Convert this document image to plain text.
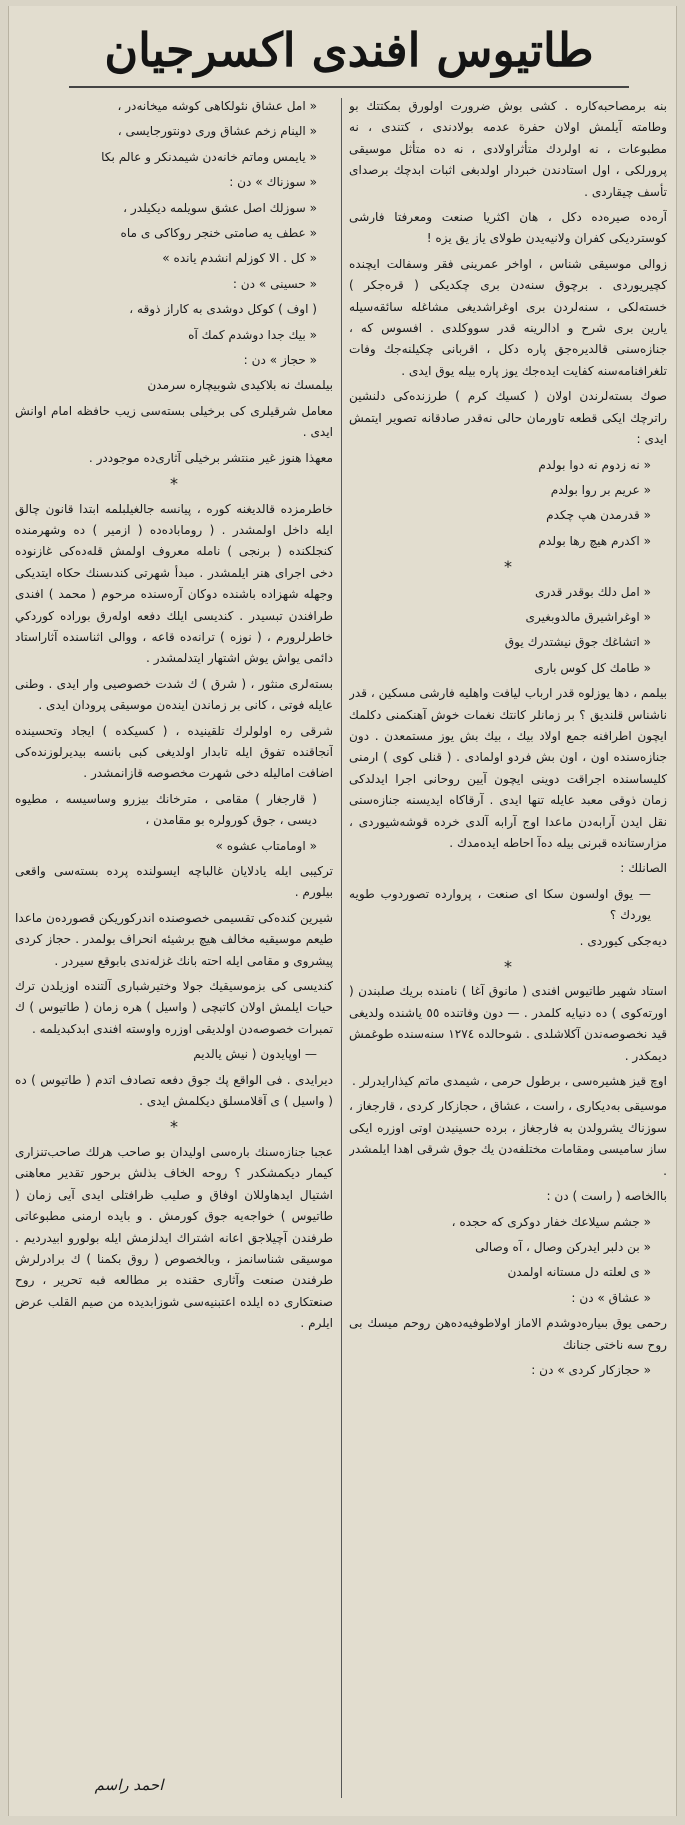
طاتيوس افندى اكسرجيان

بنه برمصاحبه‌كاره . كشى بوش ضرورت اولورق بمكتتك بو وطامته آيلمش اولان حفرة عدمه بولادندى ، كتندى ، نه مطبوعات ، نه اولردك متأثراولادى ، نه ده متأثل موسيقى پرورلكى ، اول استادندن خبردار اولدبغى اثبات ابدچك برصداى تأسف چيقاردى .

آرەده صيره‌ده دكل ، هان اكثريا صنعت ومعرفتا فارشى كوسترديكى كفران ولانيه‌يدن طولاى ياز يق يزه !

زوالى موسيقى شناس ، اواخر عمرينى فقر وسفالت ايچنده كچيريوردى . برچوق سنه‌دن برى چكديكى ( قرەجكر ) خسته‌لكى ، سنه‌لردن برى اوغراشديغى مشاغله سائقه‌سيله يارين برى شرح و ادالرينه قدر سووكلدى . افسوس كه ، جنازه‌سنى قالديره‌جق پاره دكل ، اقربانى چكيلنه‌جك وفات تلغرافنامه‌سنه كفايت ايدەجك يوز پاره بيله يوق ايدى .

صوك بسته‌لرندن اولان ( كسيك كرم ) طرزنده‌كى دلنشين راترچك ايكى قطعه تاورمان حالى نەقدر صادقانه تصوير ايتمش ايدى :

« نه زدوم نه دوا بولدم

« عريم بر روا بولدم

« قدرمدن هپ چكدم

« اكدرم هيچ رها بولدم

*

« امل دلك بوقدر قدرى

« اوغراشيرق مالدوبغيرى

« اتشاغك جوق نيشتدرك يوق

« طامك كل كوس بارى

بيلمم ، دها يوزلوه قدر ارباب ليافت واهليه فارشى مسكين ، قدر ناشناس قلنديق ؟ بر زمانلر كانتك نغمات خوش آهنكمنى دكلمك ايچون اطرافنه جمع اولاد بيك ، بيك بش يوز مستمعدن . دون جنازه‌سنده اون ، اون بش فردو اولمادى . ( قنلى كوى ) ارمنى كليساسنده اجراقت دوينى ايچون آيين روحانى اجرا ايدلدكى زمان ذوقى معبد عايله تنها ايدى . آرقاكاه ايديسنه جنازەسنى نقل ايدن آرابه‌دن ماعدا اوج آرابه آلدى خرده قوشەشيوردى ، مزارستانده قبرنى بيله ده‌آ احاطه ايده‌مدك .

الصانلك :

— يوق اولسون سكا اى صنعت ، پروارده تصوردوب طويه يوردك ؟

ديه‌جكى كيوردى .

*

استاد شهير طاتيوس افندى ( مانوق آغا ) نامنده بريك صلبندن ( اورتەكوى ) ده دنيايه كلمدر . — دون وفاتنده ٥٥ ياشنده ولديغى قيد نخصوصەندن آكلاشلدى . شوحالده ١٢٧٤ سنه‌سنده طوغمش ديمكدر .

اوچ قيز هشيرەسى ، برطول حرمى ، شيمدى ماتم كيذارايدرلر .

موسيقى به‌ديكارى ، راست ، عشاق ، حجازكار كردى ، قارجغاز ، سوزناك يشرولدن به فارجغاز ، برده حسينيدن اوتى اوزره ايكى ساز ساميسى ومقامات مختلفه‌دن يك جوق شرقى اهدا ايلمشدر .

باالخاصه ( راست ) دن :

« جشم سيلاعك خفار دوكرى كه حجده ،

« بن دلبر ايدركن وصال ، آه وصالى

« ى لعلته دل مستانه اولمدن

« عشاق » دن :

رحمى يوق بىيارەدوشدم الاماز اولاطوفيه‌ده‌هن روحم ميسك بى روح سه ناختى جنانك

« حجازكار كردى » دن :

« امل عشاق نئولكاهى كوشه ميخانه‌در ،

« الينام زخم عشاق ورى دونتورجايسى ،

« يايمس وماتم خانه‌دن شيمدنكر و عالم بكا

« سوزناك » دن :

« سوزلك اصل عشق سويلمه ديكيلدر ،

« عطف يه صامتى خنجر روكاكى ى ماه

« كل . الا كوزلم انشدم يانده »

« حسينى » دن :

( اوف ) كوكل دوشدى به كاراز ذوقه ،

« بيك جدا دوشدم كمك آه

« حجاز » دن :

بيلمسك نه بلاكيدى شوبيچاره سرمدن

معامل شرقيلرى كى برخيلى بسته‌سى زيب حافظه امام اوانش ايدى .

معهذا هنوز غير منتشر برخيلى آثارى‌ده موجوددر .

*

خاطرمزده قالديغنه كوره ، پيانسه جالغيلبلمه ابتدا قانون چالق ايله داخل اولمشدر . ( روماباده‌ده ( ازمير ) ده وشهرمنده كنجلكنده ( برنجى ) نامله معروف اولمش قلەدەكى غازنوده دخى اجراى هنر ايلمشدر . مبدأ شهرتى كندىسنك حكاه ايتديكى وجهله شهزاده باشنده دوكان آرەسنده مرحوم ( محمد ) افندى طرافندن تبسيدر . كنديسى ايلك دفعه اولەرق بوراده كوردكي خاطرلرورم ، ( نوزه ) ترانه‌ده قاعه ، ووالى اثناسنده آثاراستاد دائمى يواش يوش اشتهار ايتدلمشدر .

بسته‌لرى منثور ، ( شرق ) ك شدت خصوصيى وار ايدى . وطنى عايله فوتى ، كانى بر زماندن ايندەن موسيقى پرودان ايدى .

شرقى ره اولولرك تلقينيده ، ( كسيكده ) ايجاد وتحسينده آنجاقنده تفوق ايله تابدار اولديغى كبى بانسه بيديرلوزنده‌كى اضافت اماليله دخى شهرت مخصوصه قازانمشدر .

( قارجغار ) مقامى ، مترخانك بيزرو وساسيسه ، مطيوه ديسى ، جوق كورولره بو مقامدن ،

« اومامتاب عشوه »

تركيبى ايله يادلايان غالباچه ايسولنده پرده بسته‌سى واقعى بيلورم .

شيرين كندەكى تقسيمى خصوصنده اندركوريكن قصوردەن ماعدا طيعم موسيقيه مخالف هيچ برشيئه انحراف بولمدر . حجاز كردى پيشروى و مقامى ايله احته بانك غزلەندى بابوقع سيردر .

كنديسى كى بزموسيقيك جولا وختيرشبارى آلتنده اوزيلدن ترك حيات ايلمش اولان كاتبچى ( واسيل ) هره زمان ( طاتيوس ) ك تمبرات خصوصه‌دن اولديقى اوزره واوسته افندى ابدكبديلمه .

— اوپايدون ( نيش يالديم

ديرايدى . فى الواقع پك جوق دفعه تصادف اتدم ( طاتيوس ) ده ( واسيل ) ى آقلامسلق ديكلمش ايدى .

*

عجبا جنازەسنك باره‌سى اوليدان بو صاحب هرلك صاحب‌تنزارى كيمار ديكمشكدر ؟ روحه الخاف بذلش برحور تقدير معاهنى اشتيال ايدهاوللان اوفاق و صليب ظرافتلى ايدى آيى زمان ( طاتيوس ) خواجه‌يه جوق كورمش . و بايده ارمنى مطبوعاتى طرفندن آچيلاجق اعانه اشتراك ايدلزمش ايله بولورو ابيدرديم . موسيقى شناسانمز ، وبالخصوص ( روق بكمنا ) ك برادرلرش طرفندن صنعت وآثارى حقنده بر مطالعه فبه تحرير ، روح صنعتكارى ده ايلده اعتبنيه‌سى شوزابديده من صيم القلب عرض ايلرم .

احمد راسم
